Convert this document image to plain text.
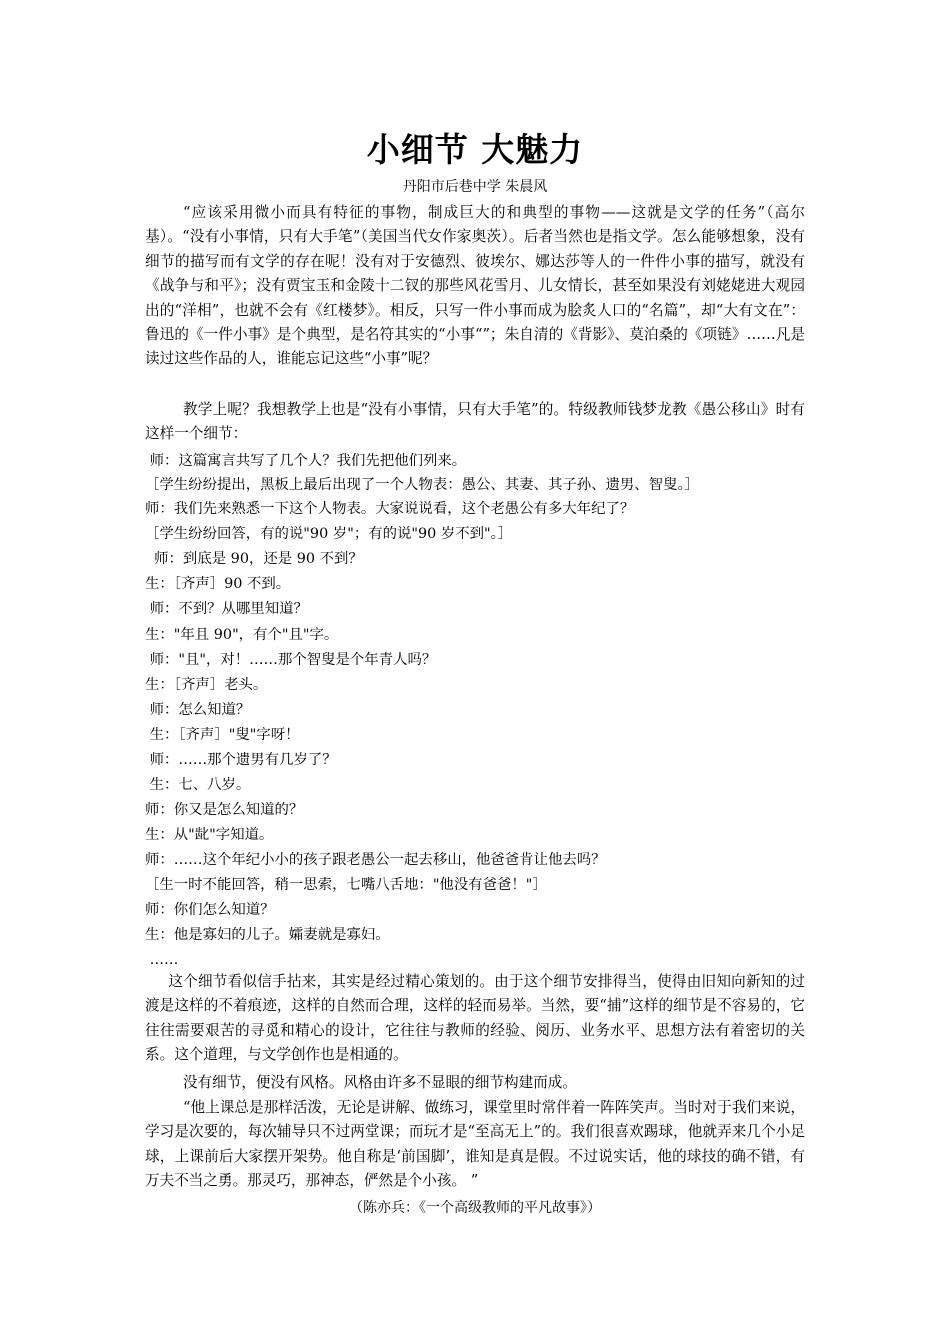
小细节 大魅力
丹阳市后巷中学 朱晨风

“应该采用微小而具有特征的事物，制成巨大的和典型的事物——这就是文学的任务”（高尔基）。“没有小事情，只有大手笔”（美国当代女作家奥茨）。后者当然也是指文学。怎么能够想象，没有细节的描写而有文学的存在呢！没有对于安德烈、彼埃尔、娜达莎等人的一件件小事的描写，就没有《战争与和平》；没有贾宝玉和金陵十二钗的那些风花雪月、儿女情长，甚至如果没有刘姥姥进大观园出的“洋相”，也就不会有《红楼梦》。相反，只写一件小事而成为脍炙人口的“名篇”，却“大有文在”：鲁迅的《一件小事》是个典型，是名符其实的“小事“”；朱自清的《背影》、莫泊桑的《项链》……凡是读过这些作品的人，谁能忘记这些“小事”呢？

教学上呢？我想教学上也是“没有小事情，只有大手笔”的。特级教师钱梦龙教《愚公移山》时有这样一个细节：

师：这篇寓言共写了几个人？我们先把他们列来。

［学生纷纷提出，黑板上最后出现了一个人物表：愚公、其妻、其子孙、遗男、智叟。］

师：我们先来熟悉一下这个人物表。大家说说看，这个老愚公有多大年纪了？

［学生纷纷回答，有的说"90 岁"；有的说"90 岁不到"。］

师：到底是 90，还是 90 不到？

生：［齐声］90 不到。

师：不到？从哪里知道？

生："年且 90"，有个"且"字。

师："且"，对！……那个智叟是个年青人吗？

生：［齐声］老头。

师：怎么知道？

生：［齐声］"叟"字呀！

师：……那个遗男有几岁了？

生：七、八岁。

师：你又是怎么知道的？

生：从"龀"字知道。

师：……这个年纪小小的孩子跟老愚公一起去移山，他爸爸肯让他去吗？

［生一时不能回答，稍一思索，七嘴八舌地："他没有爸爸！"］

师：你们怎么知道？

生：他是寡妇的儿子。孀妻就是寡妇。

……

这个细节看似信手拈来，其实是经过精心策划的。由于这个细节安排得当，使得由旧知向新知的过渡是这样的不着痕迹，这样的自然而合理，这样的轻而易举。当然，要“捕”这样的细节是不容易的，它往往需要艰苦的寻觅和精心的设计，它往往与教师的经验、阅历、业务水平、思想方法有着密切的关系。这个道理，与文学创作也是相通的。

没有细节，便没有风格。风格由许多不显眼的细节构建而成。

“他上课总是那样活泼，无论是讲解、做练习，课堂里时常伴着一阵阵笑声。当时对于我们来说，学习是次要的，每次辅导只不过两堂课；而玩才是“至高无上”的。我们很喜欢踢球，他就弄来几个小足球，上课前后大家摆开架势。他自称是‘前国脚’，谁知是真是假。不过说实话，他的球技的确不错，有万夫不当之勇。那灵巧，那神态，俨然是个小孩。 ”

（陈亦兵：《一个高级教师的平凡故事》）
